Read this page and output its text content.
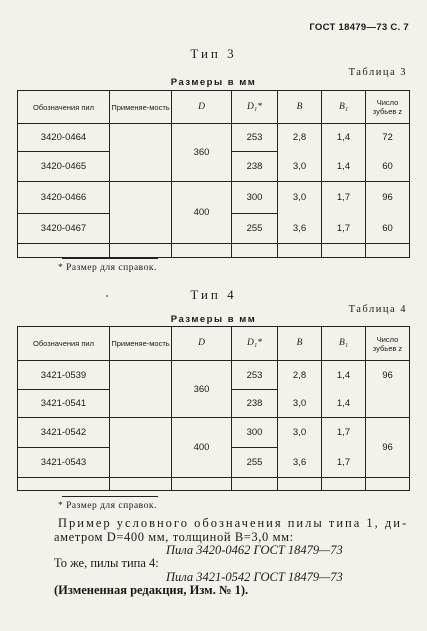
ГОСТ 18479—73 С. 7
Тип 3
Таблица 3
Размеры в мм
Обозначения пил	Применяе-мость	D	D₁*	B	B₁	Число зубьев z
3420-0464		360	253	2,8	1,4	72
3420-0465			238	3,0	1,4	60
3420-0466		400	300	3,0	1,7	96
3420-0467			255	3,6	1,7	60

* Размер для справок.
Тип 4
Таблица 4
Размеры в мм
Обозначения пил	Применяе-мость	D	D₁*	B	B₁	Число зубьев z
3421-0539		360	253	2,8	1,4	96
3421-0541			238	3,0	1,4	
3421-0542		400	300	3,0	1,7	96
3421-0543			255	3,6	1,7	

* Размер для справок.
Пример условного обозначения пилы типа 1, ди-
аметром D=400 мм, толщиной B=3,0 мм:
Пила 3420-0462 ГОСТ 18479—73
То же, пилы типа 4:
Пила 3421-0542 ГОСТ 18479—73
(Измененная редакция, Изм. № 1).
